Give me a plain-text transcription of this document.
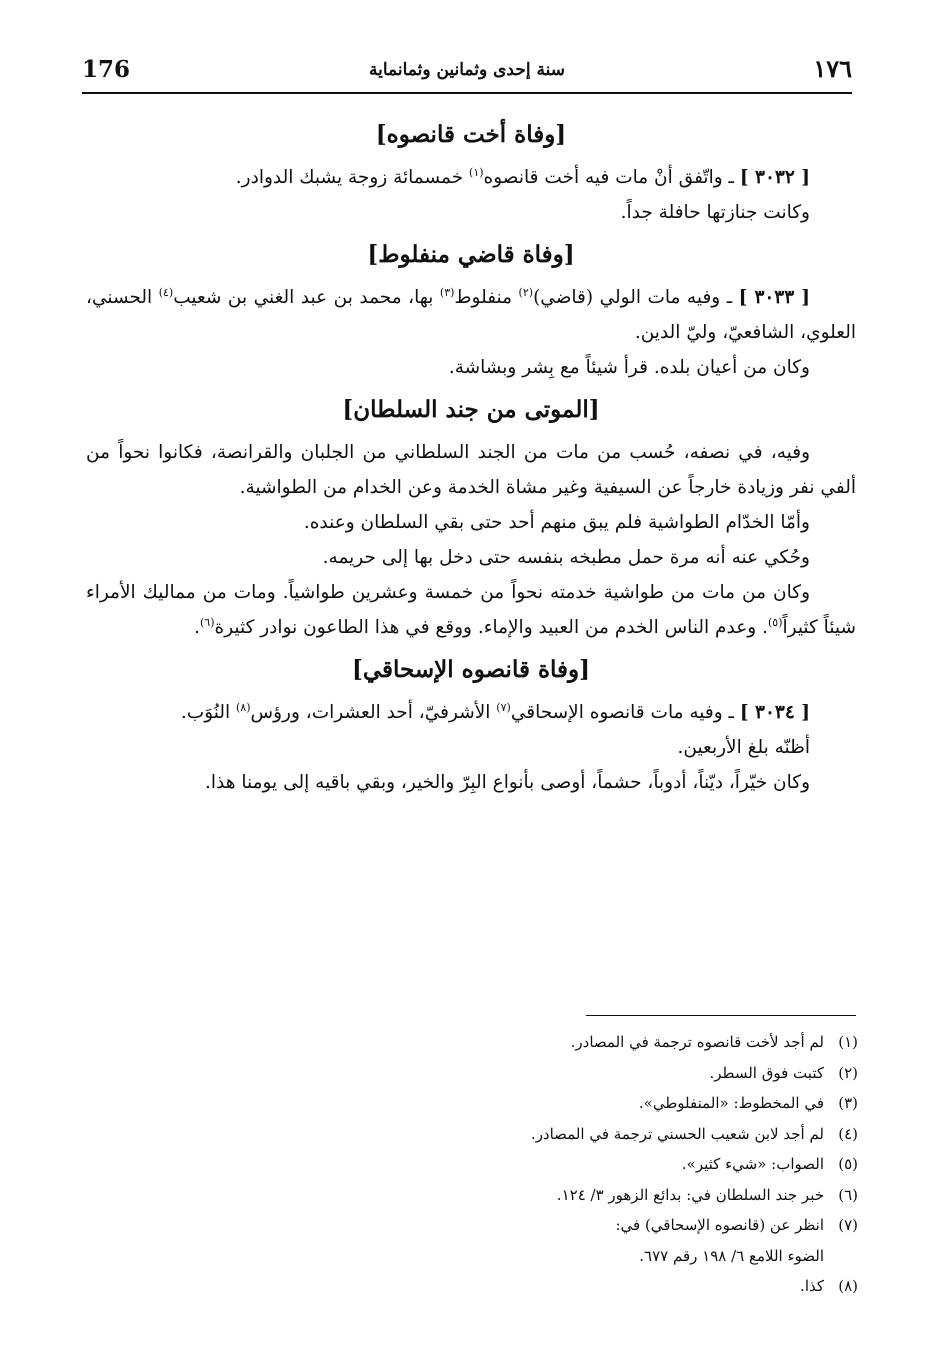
176	سنة إحدى وثمانين وثمانماية	١٧٦
[وفاة أخت قانصوه]

[ ٣٠٣٢ ] ـ واتّفق أنْ مات فيه أخت قانصوه$^{(١)}$ خمسمائة زوجة يشبك الدوادر.

وكانت جنازتها حافلة جداً.

[وفاة قاضي منفلوط]

[ ٣٠٣٣ ] ـ وفيه مات الولي (قاضي)$^{(٢)}$ منفلوط$^{(٣)}$ بها، محمد بن عبد الغني بن شعيب$^{(٤)}$ الحسني، العلوي، الشافعيّ، وليّ الدين.

وكان من أعيان بلده. قرأ شيئاً مع بِشر وبشاشة.

[الموتى من جند السلطان]

وفيه، في نصفه، حُسب من مات من الجند السلطاني من الجلبان والقرانصة، فكانوا نحواً من ألفي نفر وزيادة خارجاً عن السيفية وغير مشاة الخدمة وعن الخدام من الطواشية.

وأمّا الخدّام الطواشية فلم يبق منهم أحد حتى بقي السلطان وعنده.

وحُكي عنه أنه مرة حمل مطبخه بنفسه حتى دخل بها إلى حريمه.

وكان من مات من طواشية خدمته نحواً من خمسة وعشرين طواشياً. ومات من مماليك الأمراء شيئاً كثيراً$^{(٥)}$. وعدم الناس الخدم من العبيد والإماء. ووقع في هذا الطاعون نوادر كثيرة$^{(٦)}$.

[وفاة قانصوه الإسحاقي]

[ ٣٠٣٤ ] ـ وفيه مات قانصوه الإسحاقي$^{(٧)}$ الأشرفيّ، أحد العشرات، ورؤس$^{(٨)}$ النُوَب.

أظنّه بلغ الأربعين.

وكان خيّراً، ديّناً، أدوباً، حشماً، أوصى بأنواع البِرّ والخير، وبقي باقيه إلى يومنا هذا.

(١)
لم أجد لأخت قانصوه ترجمة في المصادر.
(٢)
كتبت فوق السطر.
(٣)
في المخطوط: «المنفلوطي».
(٤)
لم أجد لابن شعيب الحسني ترجمة في المصادر.
(٥)
الصواب: «شيء كثير».
(٦)
خبر جند السلطان في: بدائع الزهور ٣/ ١٢٤.
(٧)
انظر عن (قانصوه الإسحاقي) في:
الضوء اللامع ٦/ ١٩٨ رقم ٦٧٧.
(٨)
كذا.
